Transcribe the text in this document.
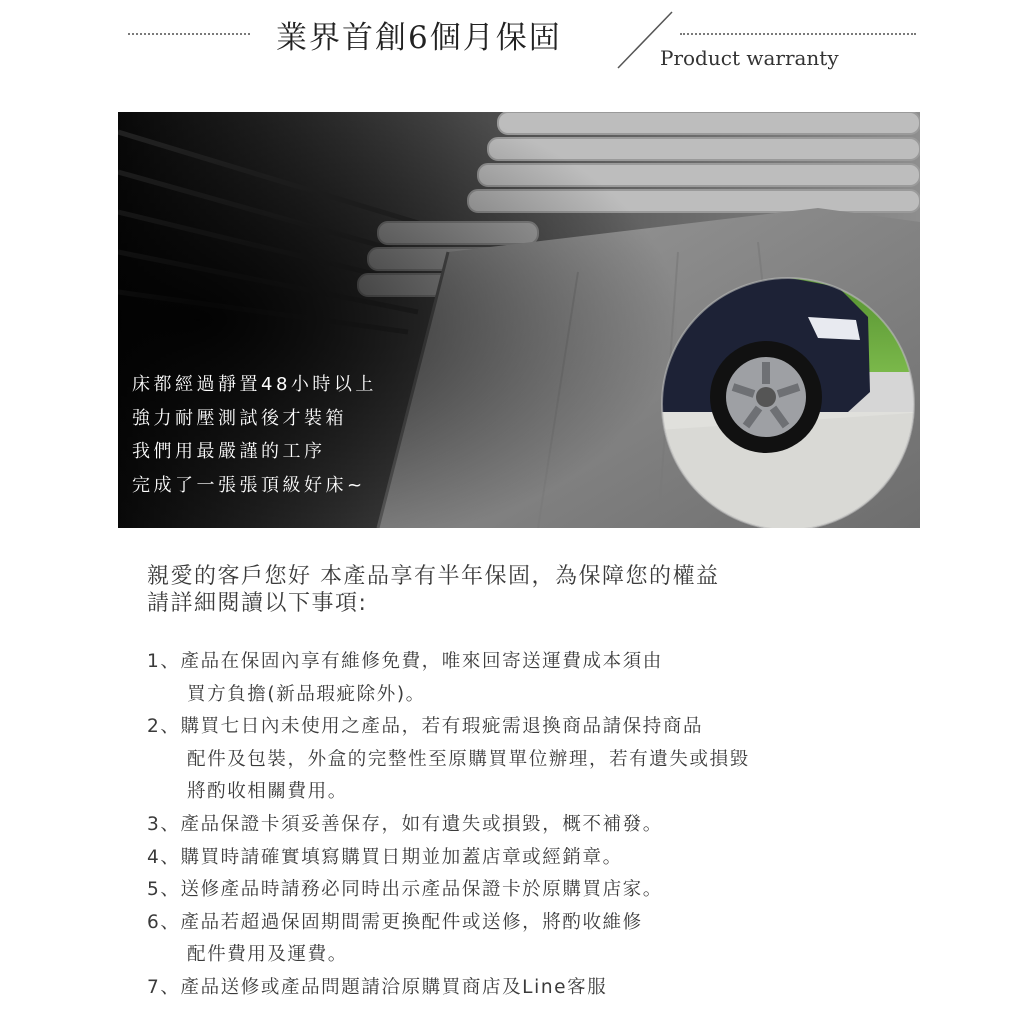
業界首創6個月保固
Product warranty
床都經過靜置48小時以上
強力耐壓測試後才裝箱
我們用最嚴謹的工序
完成了一張張頂級好床~
親愛的客戶您好 本產品享有半年保固，為保障您的權益
請詳細閱讀以下事項:
1、產品在保固內享有維修免費，唯來回寄送運費成本須由
買方負擔(新品瑕疵除外)。
2、購買七日內未使用之產品，若有瑕疵需退換商品請保持商品
配件及包裝，外盒的完整性至原購買單位辦理，若有遺失或損毀
將酌收相關費用。
3、產品保證卡須妥善保存，如有遺失或損毀，概不補發。
4、購買時請確實填寫購買日期並加蓋店章或經銷章。
5、送修產品時請務必同時出示產品保證卡於原購買店家。
6、產品若超過保固期間需更換配件或送修，將酌收維修
配件費用及運費。
7、產品送修或產品問題請洽原購買商店及Line客服
